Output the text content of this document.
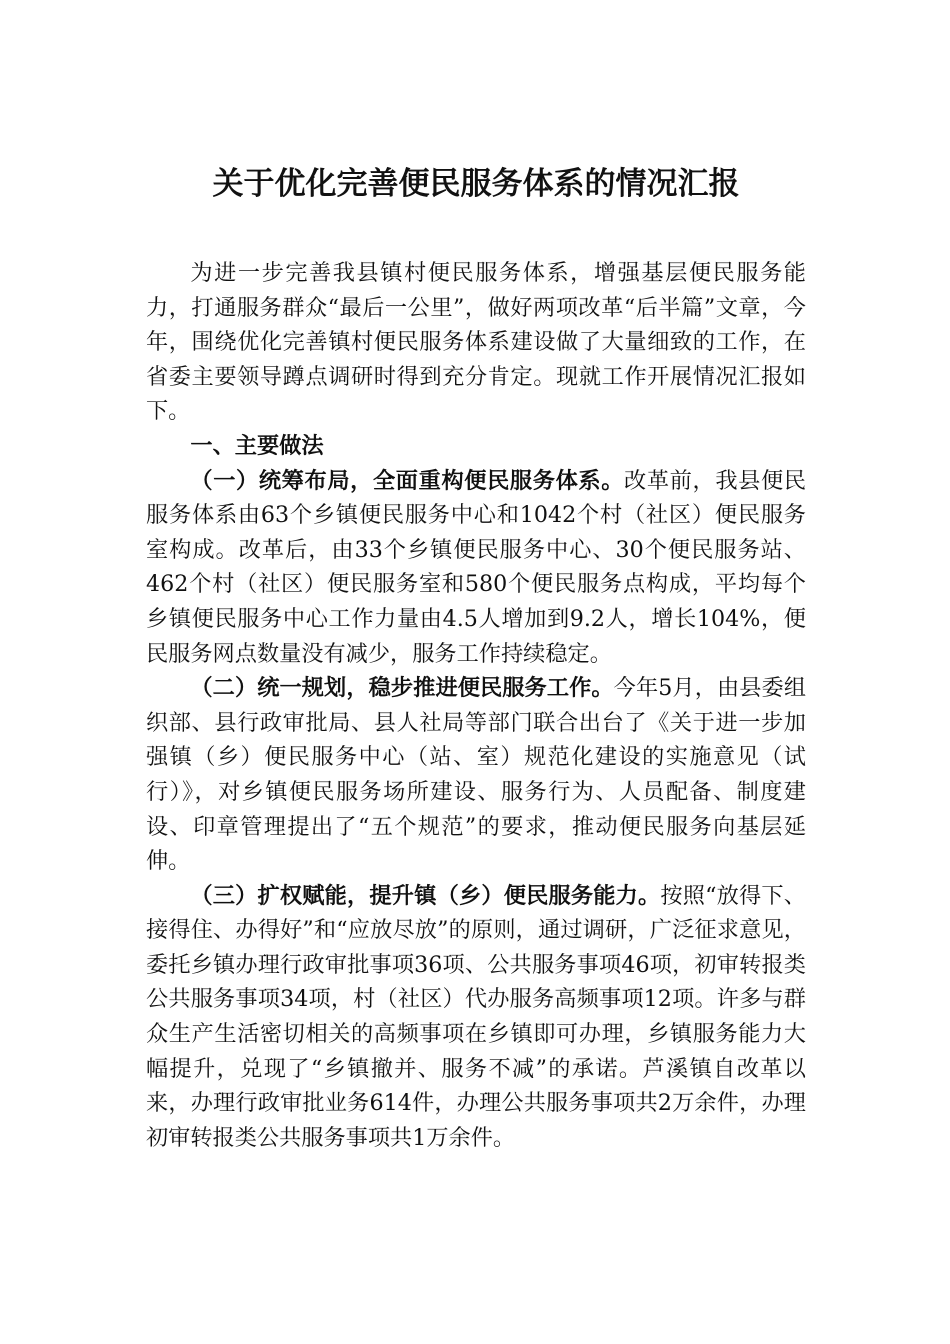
关于优化完善便民服务体系的情况汇报

为进一步完善我县镇村便民服务体系，增强基层便民服务能力，打通服务群众“最后一公里”，做好两项改革“后半篇”文章，今年，围绕优化完善镇村便民服务体系建设做了大量细致的工作，在省委主要领导蹲点调研时得到充分肯定。现就工作开展情况汇报如下。

一、主要做法

（一）统筹布局，全面重构便民服务体系。改革前，我县便民服务体系由63个乡镇便民服务中心和1042个村（社区）便民服务室构成。改革后，由33个乡镇便民服务中心、30个便民服务站、462个村（社区）便民服务室和580个便民服务点构成，平均每个乡镇便民服务中心工作力量由4.5人增加到9.2人，增长104%，便民服务网点数量没有减少，服务工作持续稳定。

（二）统一规划，稳步推进便民服务工作。今年5月，由县委组织部、县行政审批局、县人社局等部门联合出台了《关于进一步加强镇（乡）便民服务中心（站、室）规范化建设的实施意见（试行）》，对乡镇便民服务场所建设、服务行为、人员配备、制度建设、印章管理提出了“五个规范”的要求，推动便民服务向基层延伸。

（三）扩权赋能，提升镇（乡）便民服务能力。按照“放得下、接得住、办得好”和“应放尽放”的原则，通过调研，广泛征求意见，委托乡镇办理行政审批事项36项、公共服务事项46项，初审转报类公共服务事项34项，村（社区）代办服务高频事项12项。许多与群众生产生活密切相关的高频事项在乡镇即可办理，乡镇服务能力大幅提升，兑现了“乡镇撤并、服务不减”的承诺。芦溪镇自改革以来，办理行政审批业务614件，办理公共服务事项共2万余件，办理初审转报类公共服务事项共1万余件。
